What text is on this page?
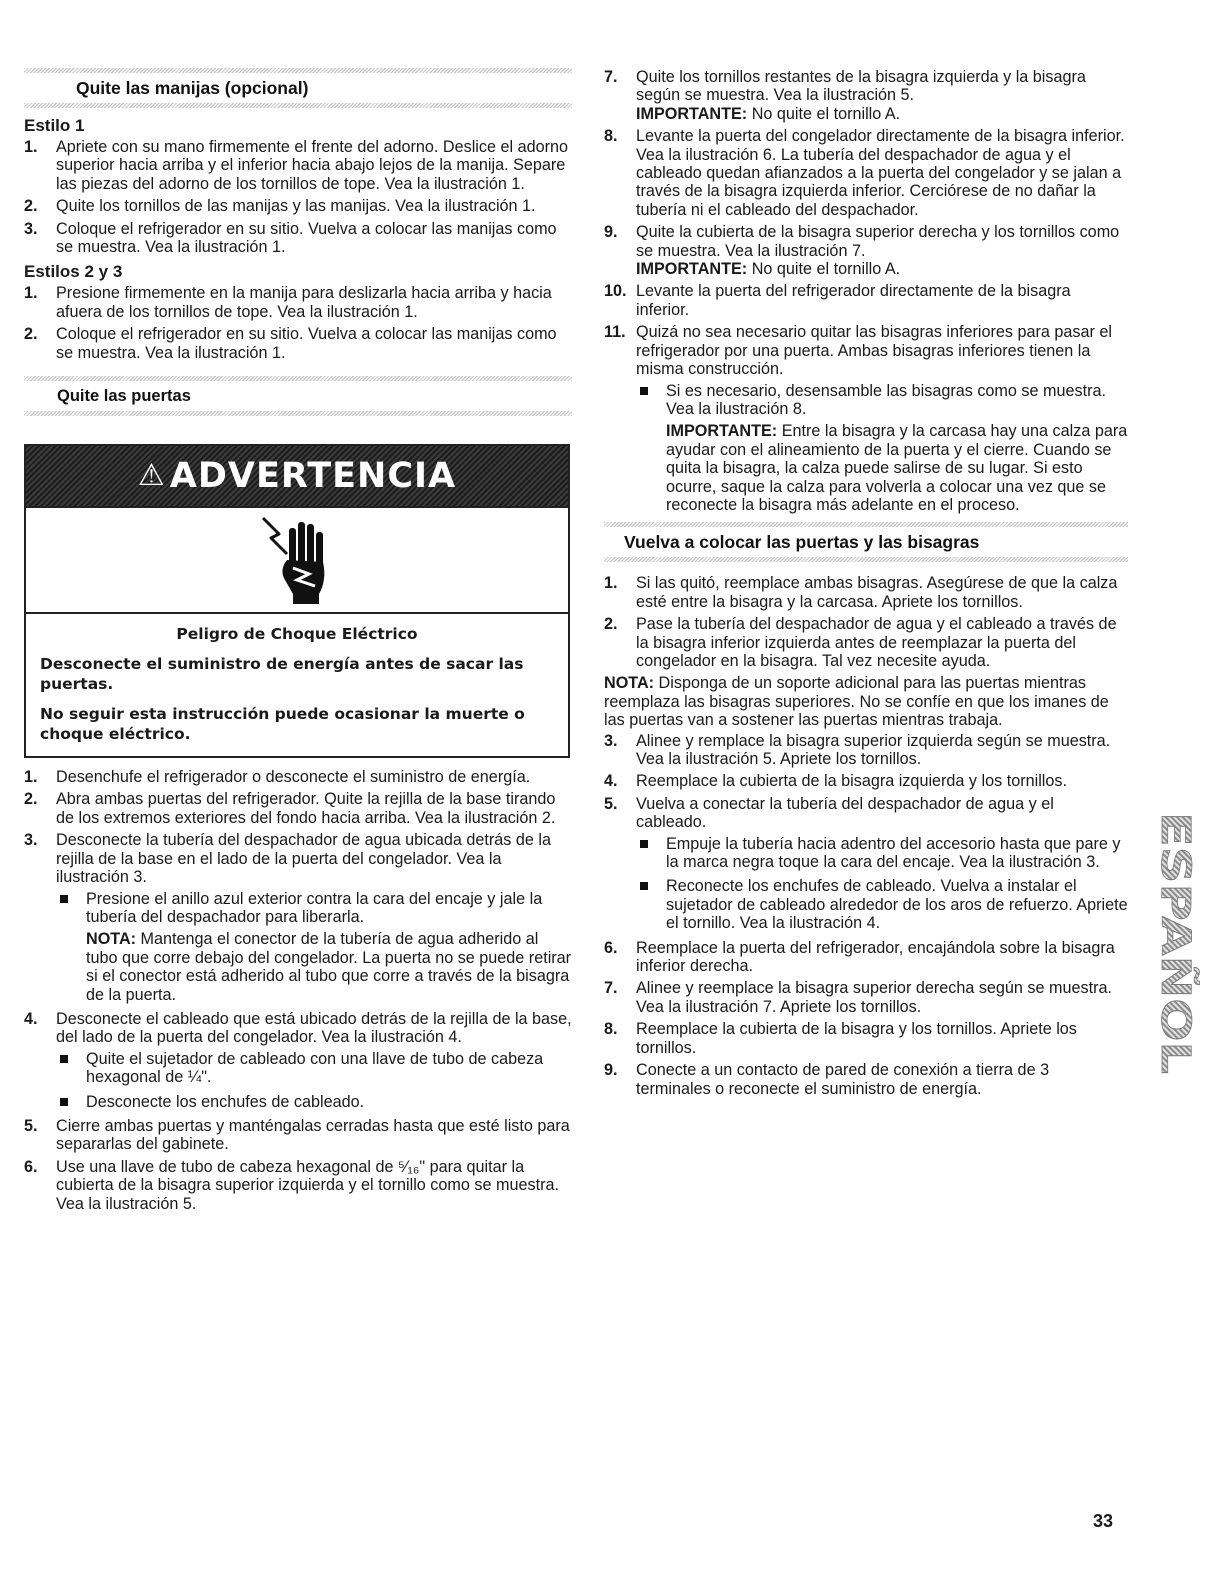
Quite las manijas (opcional)
Estilo 1
1.	Apriete con su mano firmemente el frente del adorno. Deslice el adorno superior hacia arriba y el inferior hacia abajo lejos de la manija. Separe las piezas del adorno de los tornillos de tope. Vea la ilustración 1.
2.	Quite los tornillos de las manijas y las manijas. Vea la ilustración 1.
3.	Coloque el refrigerador en su sitio. Vuelva a colocar las manijas como se muestra. Vea la ilustración 1.
Estilos 2 y 3
1.	Presione firmemente en la manija para deslizarla hacia arriba y hacia afuera de los tornillos de tope. Vea la ilustración 1.
2.	Coloque el refrigerador en su sitio. Vuelva a colocar las manijas como se muestra. Vea la ilustración 1.
Quite las puertas
⚠ ADVERTENCIA
Peligro de Choque Eléctrico

Desconecte el suministro de energía antes de sacar las puertas.

No seguir esta instrucción puede ocasionar la muerte o choque eléctrico.

1.	Desenchufe el refrigerador o desconecte el suministro de energía.
2.	Abra ambas puertas del refrigerador. Quite la rejilla de la base tirando de los extremos exteriores del fondo hacia arriba. Vea la ilustración 2.
3.	Desconecte la tubería del despachador de agua ubicada detrás de la rejilla de la base en el lado de la puerta del congelador. Vea la ilustración 3.
Presione el anillo azul exterior contra la cara del encaje y jale la tubería del despachador para liberarla.
NOTA: Mantenga el conector de la tubería de agua adherido al tubo que corre debajo del congelador. La puerta no se puede retirar si el conector está adherido al tubo que corre a través de la bisagra de la puerta.
4.	Desconecte el cableado que está ubicado detrás de la rejilla de la base, del lado de la puerta del congelador. Vea la ilustración 4.
Quite el sujetador de cableado con una llave de tubo de cabeza hexagonal de ¼".
Desconecte los enchufes de cableado.
5.	Cierre ambas puertas y manténgalas cerradas hasta que esté listo para separarlas del gabinete.
6.	Use una llave de tubo de cabeza hexagonal de ⁵⁄₁₆" para quitar la cubierta de la bisagra superior izquierda y el tornillo como se muestra. Vea la ilustración 5.
7.	Quite los tornillos restantes de la bisagra izquierda y la bisagra según se muestra. Vea la ilustración 5.
IMPORTANTE: No quite el tornillo A.
8.	Levante la puerta del congelador directamente de la bisagra inferior. Vea la ilustración 6. La tubería del despachador de agua y el cableado quedan afianzados a la puerta del congelador y se jalan a través de la bisagra izquierda inferior. Cerciórese de no dañar la tubería ni el cableado del despachador.
9.	Quite la cubierta de la bisagra superior derecha y los tornillos como se muestra. Vea la ilustración 7.
IMPORTANTE: No quite el tornillo A.
10. Levante la puerta del refrigerador directamente de la bisagra inferior.
11. Quizá no sea necesario quitar las bisagras inferiores para pasar el refrigerador por una puerta. Ambas bisagras inferiores tienen la misma construcción.
Si es necesario, desensamble las bisagras como se muestra. Vea la ilustración 8.
IMPORTANTE: Entre la bisagra y la carcasa hay una calza para ayudar con el alineamiento de la puerta y el cierre. Cuando se quita la bisagra, la calza puede salirse de su lugar. Si esto ocurre, saque la calza para volverla a colocar una vez que se reconecte la bisagra más adelante en el proceso.
Vuelva a colocar las puertas y las bisagras
1.	Si las quitó, reemplace ambas bisagras. Asegúrese de que la calza esté entre la bisagra y la carcasa. Apriete los tornillos.
2.	Pase la tubería del despachador de agua y el cableado a través de la bisagra inferior izquierda antes de reemplazar la puerta del congelador en la bisagra. Tal vez necesite ayuda.
NOTA: Disponga de un soporte adicional para las puertas mientras reemplaza las bisagras superiores. No se confíe en que los imanes de las puertas van a sostener las puertas mientras trabaja.
3.	Alinee y remplace la bisagra superior izquierda según se muestra. Vea la ilustración 5. Apriete los tornillos.
4.	Reemplace la cubierta de la bisagra izquierda y los tornillos.
5.	Vuelva a conectar la tubería del despachador de agua y el cableado.
Empuje la tubería hacia adentro del accesorio hasta que pare y la marca negra toque la cara del encaje. Vea la ilustración 3.
Reconecte los enchufes de cableado. Vuelva a instalar el sujetador de cableado alrededor de los aros de refuerzo. Apriete el tornillo. Vea la ilustración 4.
6.	Reemplace la puerta del refrigerador, encajándola sobre la bisagra inferior derecha.
7.	Alinee y reemplace la bisagra superior derecha según se muestra. Vea la ilustración 7. Apriete los tornillos.
8.	Reemplace la cubierta de la bisagra y los tornillos. Apriete los tornillos.
9.	Conecte a un contacto de pared de conexión a tierra de 3 terminales o reconecte el suministro de energía.
ESPAÑOL
33
